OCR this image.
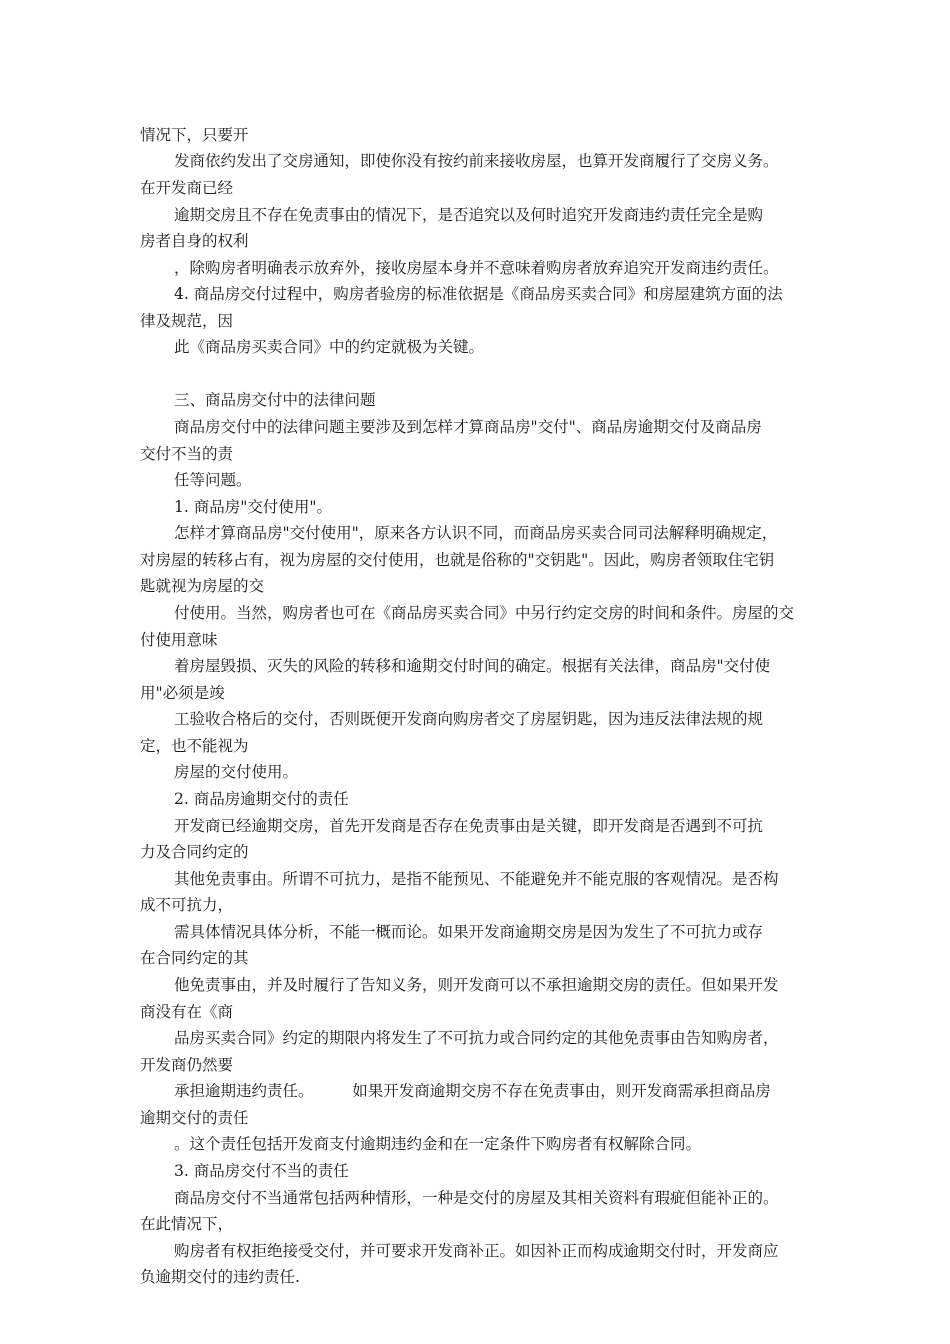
情况下，只要开
发商依约发出了交房通知，即使你没有按约前来接收房屋，也算开发商履行了交房义务。
在开发商已经
逾期交房且不存在免责事由的情况下，是否追究以及何时追究开发商违约责任完全是购
房者自身的权利
，除购房者明确表示放弃外，接收房屋本身并不意味着购房者放弃追究开发商违约责任。
4. 商品房交付过程中，购房者验房的标准依据是《商品房买卖合同》和房屋建筑方面的法
律及规范，因
此《商品房买卖合同》中的约定就极为关键。
三、商品房交付中的法律问题
商品房交付中的法律问题主要涉及到怎样才算商品房"交付"、商品房逾期交付及商品房
交付不当的责
任等问题。
1. 商品房"交付使用"。
怎样才算商品房"交付使用"，原来各方认识不同，而商品房买卖合同司法解释明确规定，
对房屋的转移占有，视为房屋的交付使用，也就是俗称的"交钥匙"。因此，购房者领取住宅钥
匙就视为房屋的交
付使用。当然，购房者也可在《商品房买卖合同》中另行约定交房的时间和条件。房屋的交
付使用意味
着房屋毁损、灭失的风险的转移和逾期交付时间的确定。根据有关法律，商品房"交付使
用"必须是竣
工验收合格后的交付，否则既便开发商向购房者交了房屋钥匙，因为违反法律法规的规
定，也不能视为
房屋的交付使用。
2. 商品房逾期交付的责任
开发商已经逾期交房，首先开发商是否存在免责事由是关键，即开发商是否遇到不可抗
力及合同约定的
其他免责事由。所谓不可抗力，是指不能预见、不能避免并不能克服的客观情况。是否构
成不可抗力，
需具体情况具体分析，不能一概而论。如果开发商逾期交房是因为发生了不可抗力或存
在合同约定的其
他免责事由，并及时履行了告知义务，则开发商可以不承担逾期交房的责任。但如果开发
商没有在《商
品房买卖合同》约定的期限内将发生了不可抗力或合同约定的其他免责事由告知购房者，
开发商仍然要
承担逾期违约责任。　　　如果开发商逾期交房不存在免责事由，则开发商需承担商品房
逾期交付的责任
。这个责任包括开发商支付逾期违约金和在一定条件下购房者有权解除合同。
3. 商品房交付不当的责任
商品房交付不当通常包括两种情形，一种是交付的房屋及其相关资料有瑕疵但能补正的。
在此情况下，
购房者有权拒绝接受交付，并可要求开发商补正。如因补正而构成逾期交付时，开发商应
负逾期交付的违约责任.
